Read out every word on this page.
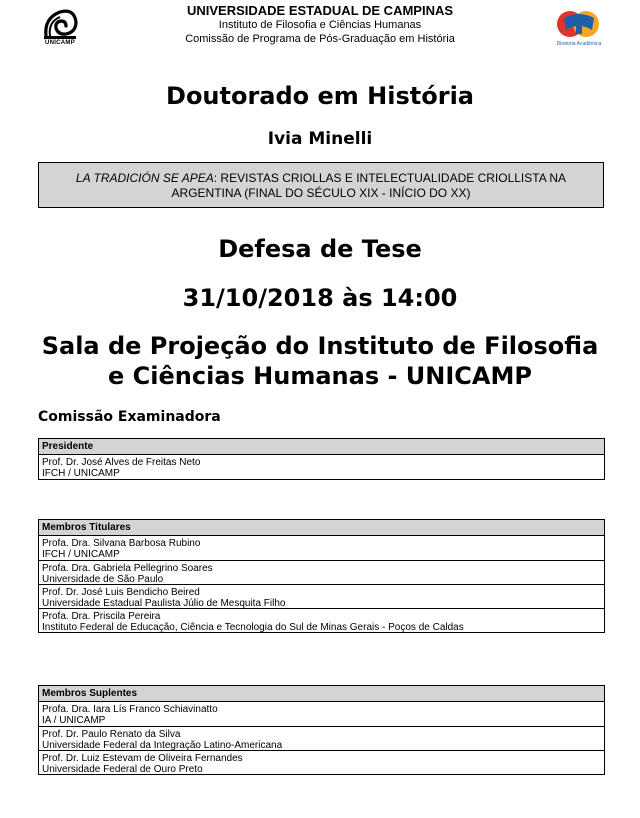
UNICAMP
UNIVERSIDADE ESTADUAL DE CAMPINAS
Instituto de Filosofia e Ciências Humanas
Comissão de Programa de Pós-Graduação em História	Diretoria Acadêmica
Doutorado em História
Ivia Minelli
LA TRADICIÓN SE APEA: REVISTAS CRIOLLAS E INTELECTUALIDADE CRIOLLISTA NA ARGENTINA (FINAL DO SÉCULO XIX - INÍCIO DO XX)
Defesa de Tese
31/10/2018 às 14:00
Sala de Projeção do Instituto de Filosofia e Ciências Humanas - UNICAMP
Comissão Examinadora
Presidente
Prof. Dr. José Alves de Freitas Neto
IFCH / UNICAMP
Membros Titulares
Profa. Dra. Silvana Barbosa Rubino
IFCH / UNICAMP
Profa. Dra. Gabriela Pellegrino Soares
Universidade de São Paulo
Prof. Dr. José Luis Bendicho Beired
Universidade Estadual Paulista Júlio de Mesquita Filho
Profa. Dra. Priscila Pereira
Instituto Federal de Educação, Ciência e Tecnologia do Sul de Minas Gerais - Poços de Caldas
Membros Suplentes
Profa. Dra. Iara Lís Franco Schiavinatto
IA / UNICAMP
Prof. Dr. Paulo Renato da Silva
Universidade Federal da Integração Latino-Americana
Prof. Dr. Luiz Estevam de Oliveira Fernandes
Universidade Federal de Ouro Preto
